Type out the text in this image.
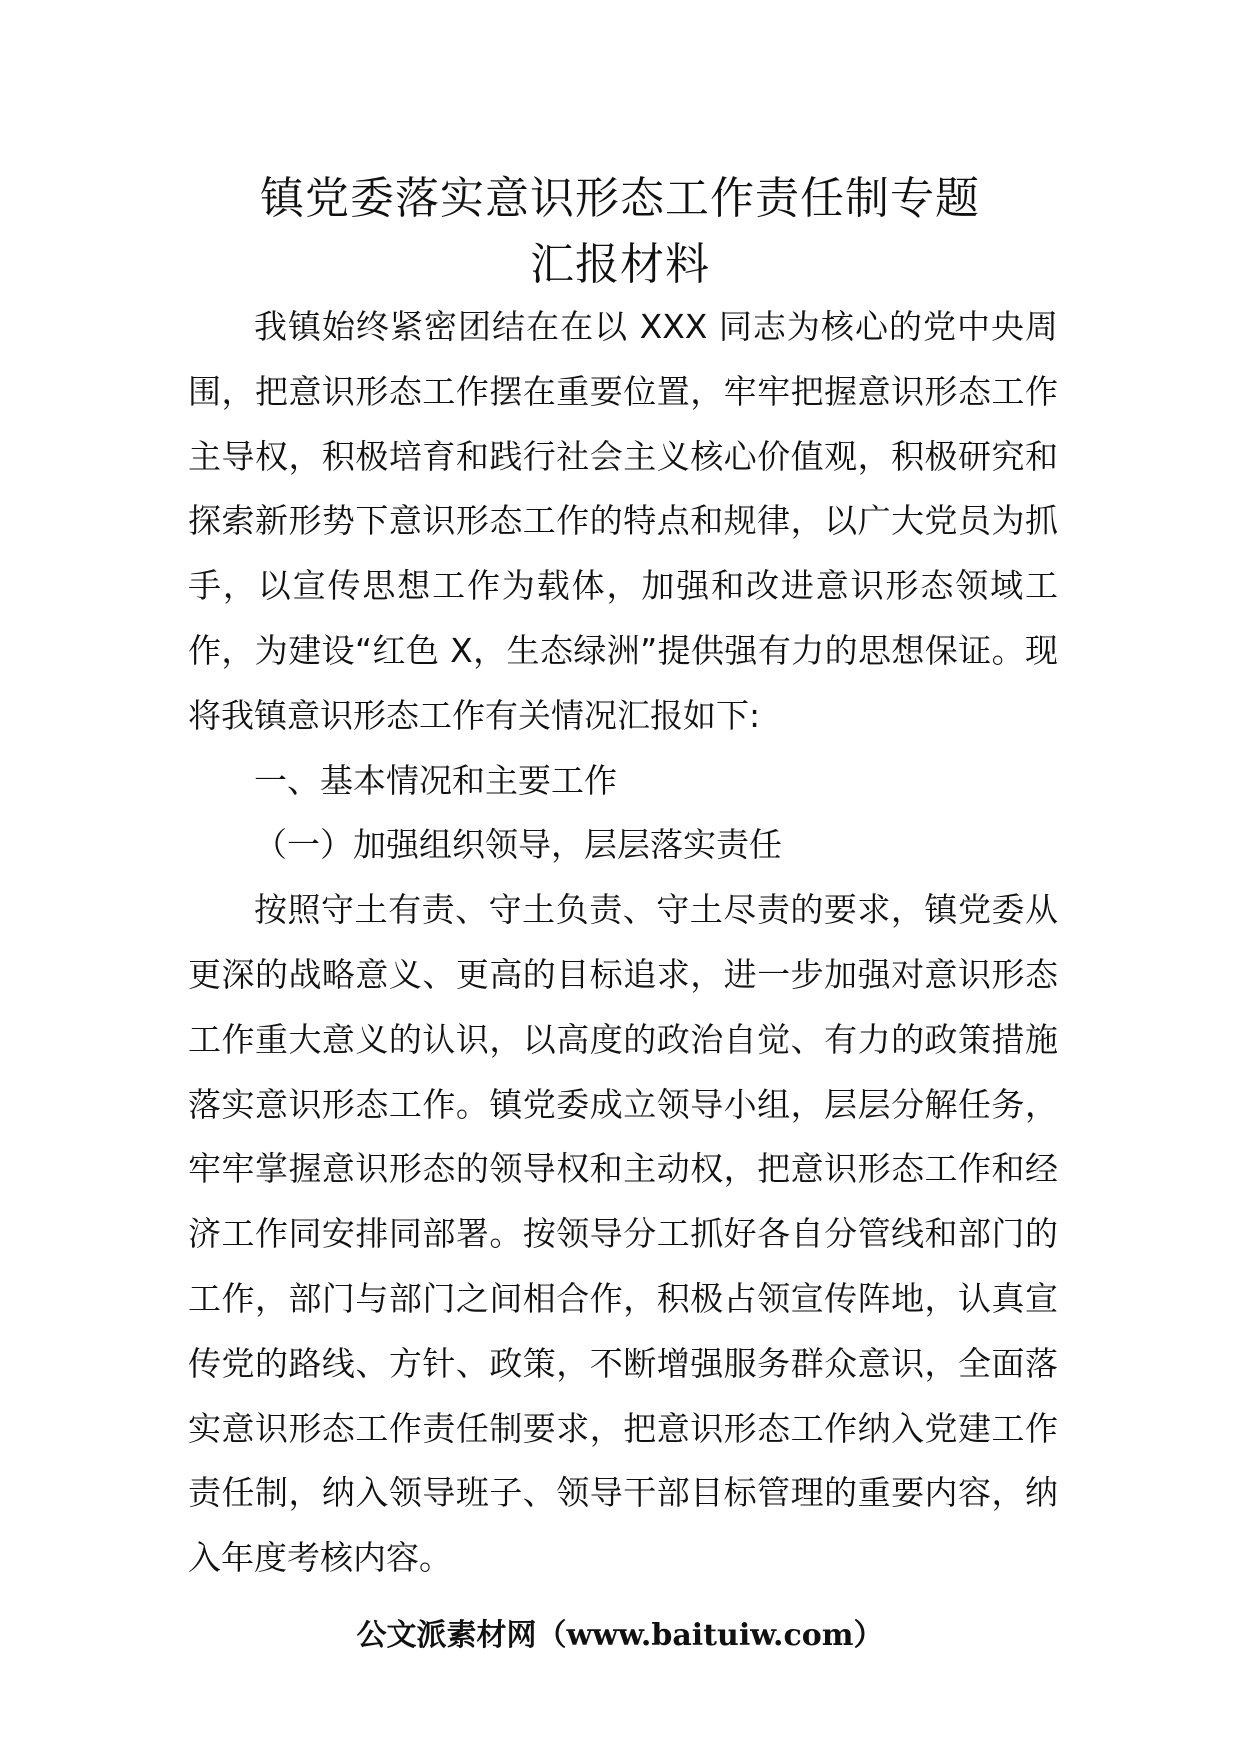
镇党委落实意识形态工作责任制专题
汇报材料

我镇始终紧密团结在在以 XXX 同志为核心的党中央周围，把意识形态工作摆在重要位置，牢牢把握意识形态工作主导权，积极培育和践行社会主义核心价值观，积极研究和探索新形势下意识形态工作的特点和规律，以广大党员为抓手，以宣传思想工作为载体，加强和改进意识形态领域工作，为建设“红色 X，生态绿洲”提供强有力的思想保证。现将我镇意识形态工作有关情况汇报如下:

一、基本情况和主要工作

（一）加强组织领导，层层落实责任

按照守土有责、守土负责、守土尽责的要求，镇党委从更深的战略意义、更高的目标追求，进一步加强对意识形态工作重大意义的认识，以高度的政治自觉、有力的政策措施落实意识形态工作。镇党委成立领导小组，层层分解任务，牢牢掌握意识形态的领导权和主动权，把意识形态工作和经济工作同安排同部署。按领导分工抓好各自分管线和部门的工作，部门与部门之间相合作，积极占领宣传阵地，认真宣传党的路线、方针、政策，不断增强服务群众意识，全面落实意识形态工作责任制要求，把意识形态工作纳入党建工作责任制，纳入领导班子、领导干部目标管理的重要内容，纳入年度考核内容。

公文派素材网（www.baituiw.com）
